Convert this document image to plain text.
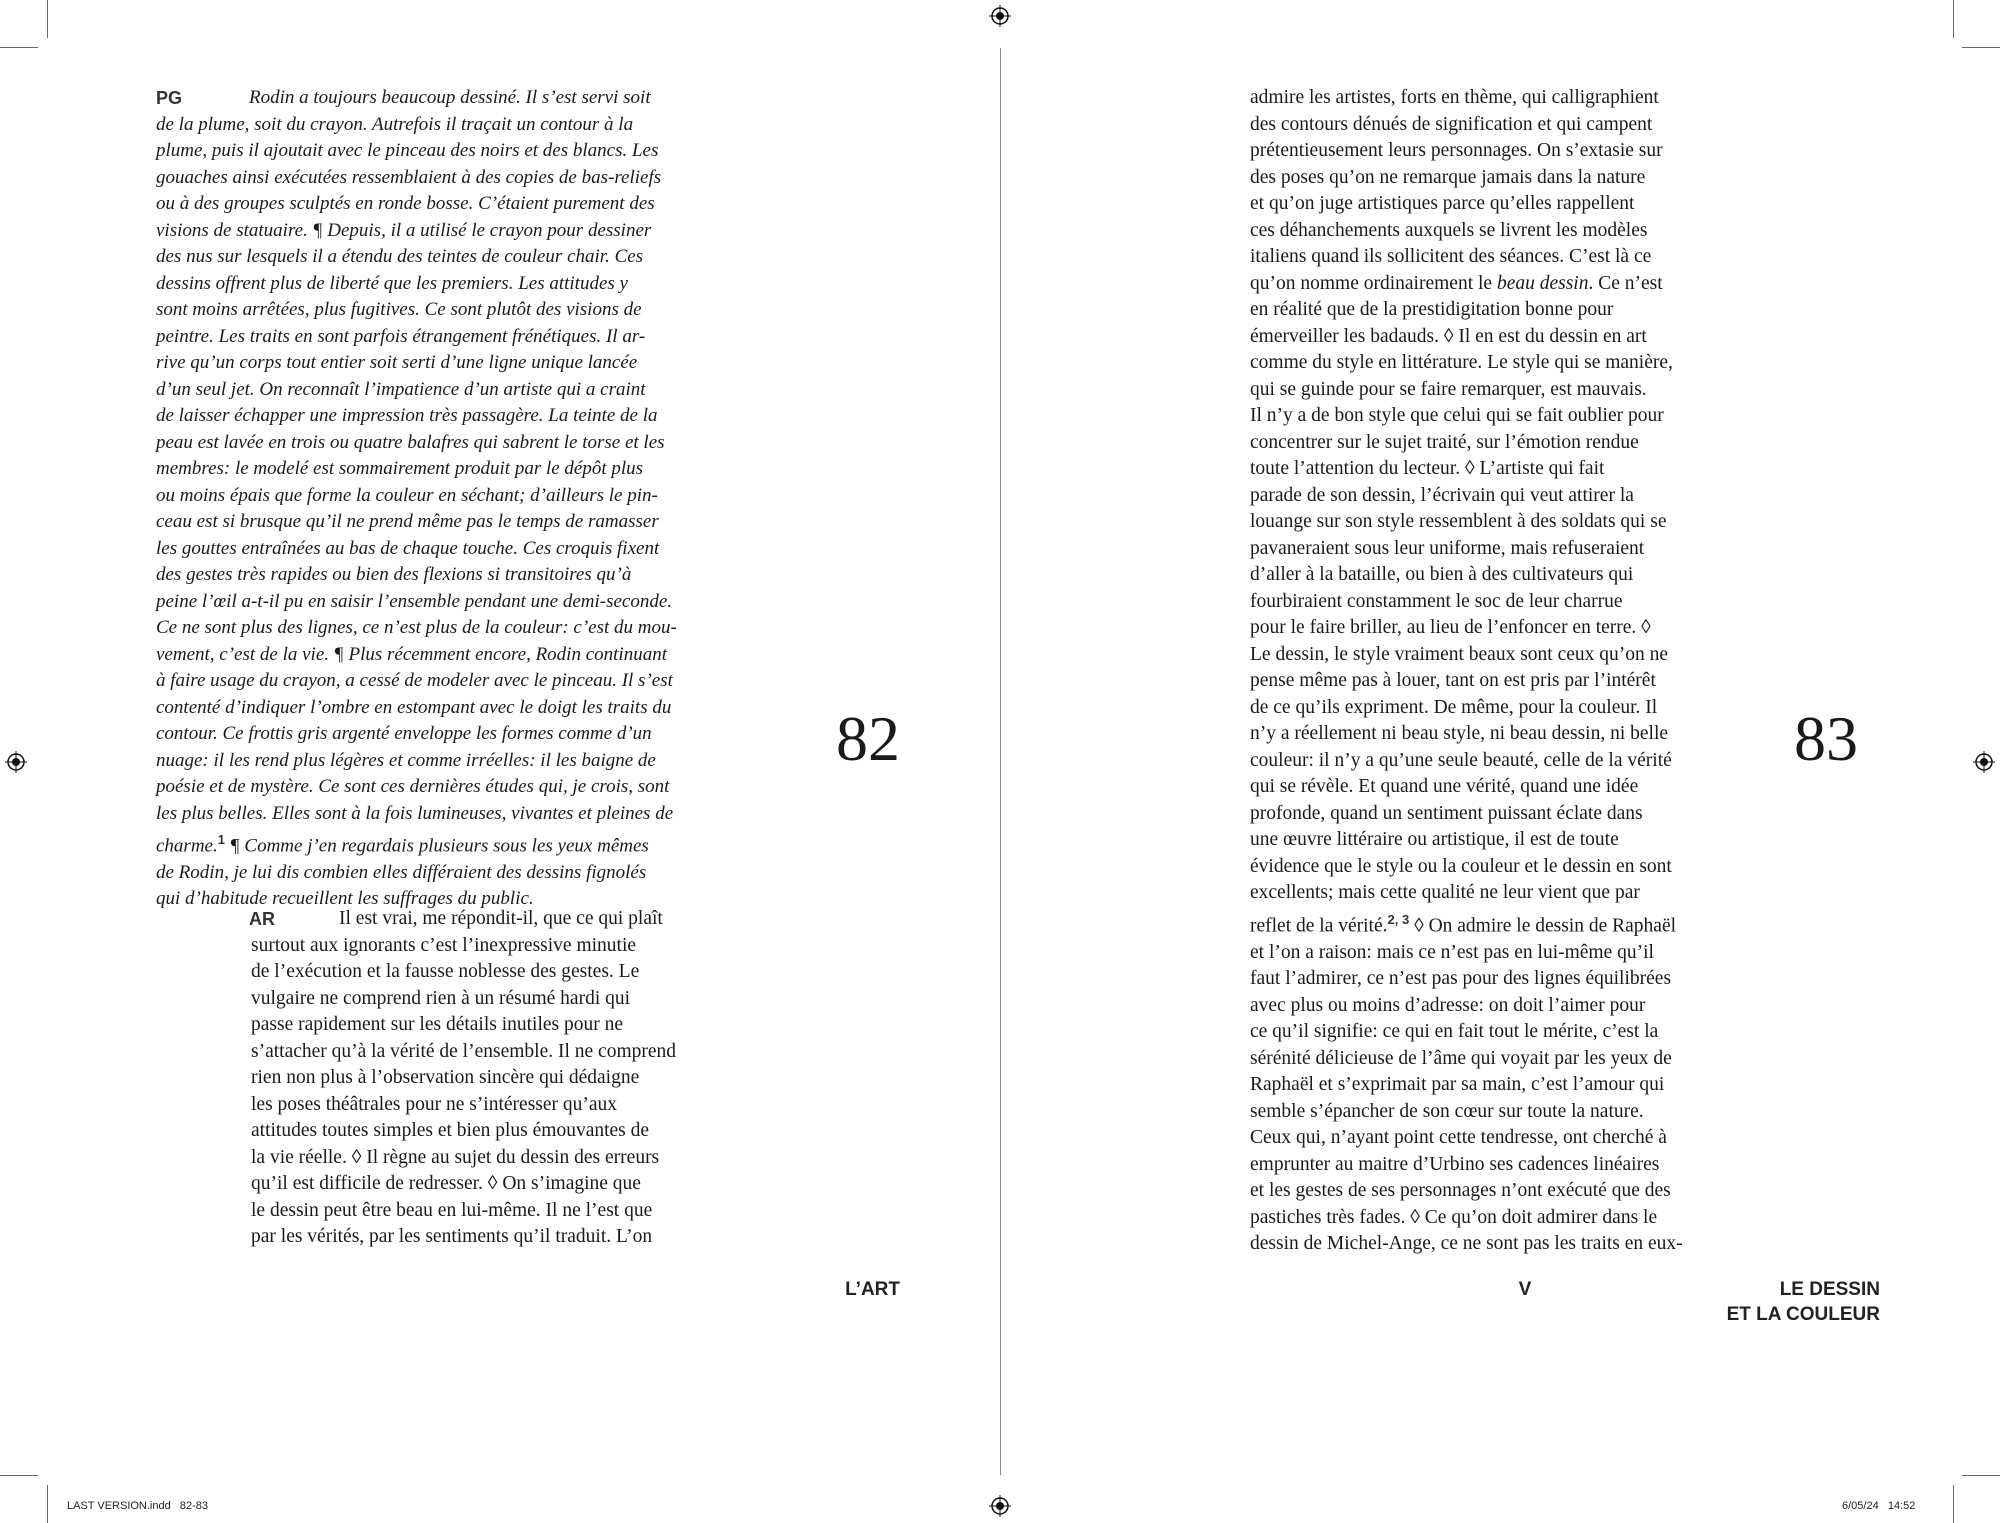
PG	Rodin a toujours beaucoup dessiné. Il s’est servi soit
de la plume, soit du crayon. Autrefois il traçait un contour à la
plume, puis il ajoutait avec le pinceau des noirs et des blancs. Les
gouaches ainsi exécutées ressemblaient à des copies de bas-reliefs
ou à des groupes sculptés en ronde bosse. C’étaient purement des
visions de statuaire. ¶ Depuis, il a utilisé le crayon pour dessiner
des nus sur lesquels il a étendu des teintes de couleur chair. Ces
dessins offrent plus de liberté que les premiers. Les attitudes y
sont moins arrêtées, plus fugitives. Ce sont plutôt des visions de
peintre. Les traits en sont parfois étrangement frénétiques. Il ar-
rive qu’un corps tout entier soit serti d’une ligne unique lancée
d’un seul jet. On reconnaît l’impatience d’un artiste qui a craint
de laisser échapper une impression très passagère. La teinte de la
peau est lavée en trois ou quatre balafres qui sabrent le torse et les
membres: le modelé est sommairement produit par le dépôt plus
ou moins épais que forme la couleur en séchant; d’ailleurs le pin-
ceau est si brusque qu’il ne prend même pas le temps de ramasser
les gouttes entraînées au bas de chaque touche. Ces croquis fixent
des gestes très rapides ou bien des flexions si transitoires qu’à
peine l’œil a-t-il pu en saisir l’ensemble pendant une demi-seconde.
Ce ne sont plus des lignes, ce n’est plus de la couleur: c’est du mou-
vement, c’est de la vie. ¶ Plus récemment encore, Rodin continuant
à faire usage du crayon, a cessé de modeler avec le pinceau. Il s’est
contenté d’indiquer l’ombre en estompant avec le doigt les traits du
contour. Ce frottis gris argenté enveloppe les formes comme d’un
nuage: il les rend plus légères et comme irréelles: il les baigne de
poésie et de mystère. Ce sont ces dernières études qui, je crois, sont
les plus belles. Elles sont à la fois lumineuses, vivantes et pleines de
charme.$^1$ ¶ Comme j’en regardais plusieurs sous les yeux mêmes
de Rodin, je lui dis combien elles différaient des dessins fignolés
qui d’habitude recueillent les suffrages du public.
AR	Il est vrai, me répondit-il, que ce qui plaît
surtout aux ignorants c’est l’inexpressive minutie
de l’exécution et la fausse noblesse des gestes. Le
vulgaire ne comprend rien à un résumé hardi qui
passe rapidement sur les détails inutiles pour ne
s’attacher qu’à la vérité de l’ensemble. Il ne comprend
rien non plus à l’observation sincère qui dédaigne
les poses théâtrales pour ne s’intéresser qu’aux
attitudes toutes simples et bien plus émouvantes de
la vie réelle. ◊ Il règne au sujet du dessin des erreurs
qu’il est difficile de redresser. ◊ On s’imagine que
le dessin peut être beau en lui-même. Il ne l’est que
par les vérités, par les sentiments qu’il traduit. L’on
82
L’ART
admire les artistes, forts en thème, qui calligraphient
des contours dénués de signification et qui campent
prétentieusement leurs personnages. On s’extasie sur
des poses qu’on ne remarque jamais dans la nature
et qu’on juge artistiques parce qu’elles rappellent
ces déhanchements auxquels se livrent les modèles
italiens quand ils sollicitent des séances. C’est là ce
qu’on nomme ordinairement le beau dessin. Ce n’est
en réalité que de la prestidigitation bonne pour
émerveiller les badauds. ◊ Il en est du dessin en art
comme du style en littérature. Le style qui se manière,
qui se guinde pour se faire remarquer, est mauvais.
Il n’y a de bon style que celui qui se fait oublier pour
concentrer sur le sujet traité, sur l’émotion rendue
toute l’attention du lecteur. ◊ L’artiste qui fait
parade de son dessin, l’écrivain qui veut attirer la
louange sur son style ressemblent à des soldats qui se
pavaneraient sous leur uniforme, mais refuseraient
d’aller à la bataille, ou bien à des cultivateurs qui
fourbiraient constamment le soc de leur charrue
pour le faire briller, au lieu de l’enfoncer en terre. ◊
Le dessin, le style vraiment beaux sont ceux qu’on ne
pense même pas à louer, tant on est pris par l’intérêt
de ce qu’ils expriment. De même, pour la couleur. Il
n’y a réellement ni beau style, ni beau dessin, ni belle
couleur: il n’y a qu’une seule beauté, celle de la vérité
qui se révèle. Et quand une vérité, quand une idée
profonde, quand un sentiment puissant éclate dans
une œuvre littéraire ou artistique, il est de toute
évidence que le style ou la couleur et le dessin en sont
excellents; mais cette qualité ne leur vient que par
reflet de la vérité.$^{2, 3}$ ◊ On admire le dessin de Raphaël
et l’on a raison: mais ce n’est pas en lui-même qu’il
faut l’admirer, ce n’est pas pour des lignes équilibrées
avec plus ou moins d’adresse: on doit l’aimer pour
ce qu’il signifie: ce qui en fait tout le mérite, c’est la
sérénité délicieuse de l’âme qui voyait par les yeux de
Raphaël et s’exprimait par sa main, c’est l’amour qui
semble s’épancher de son cœur sur toute la nature.
Ceux qui, n’ayant point cette tendresse, ont cherché à
emprunter au maitre d’Urbino ses cadences linéaires
et les gestes de ses personnages n’ont exécuté que des
pastiches très fades. ◊ Ce qu’on doit admirer dans le
dessin de Michel-Ange, ce ne sont pas les traits en eux-
83
V	LE DESSIN
ET LA COULEUR
LAST VERSION.indd   82-83	6/05/24   14:52
